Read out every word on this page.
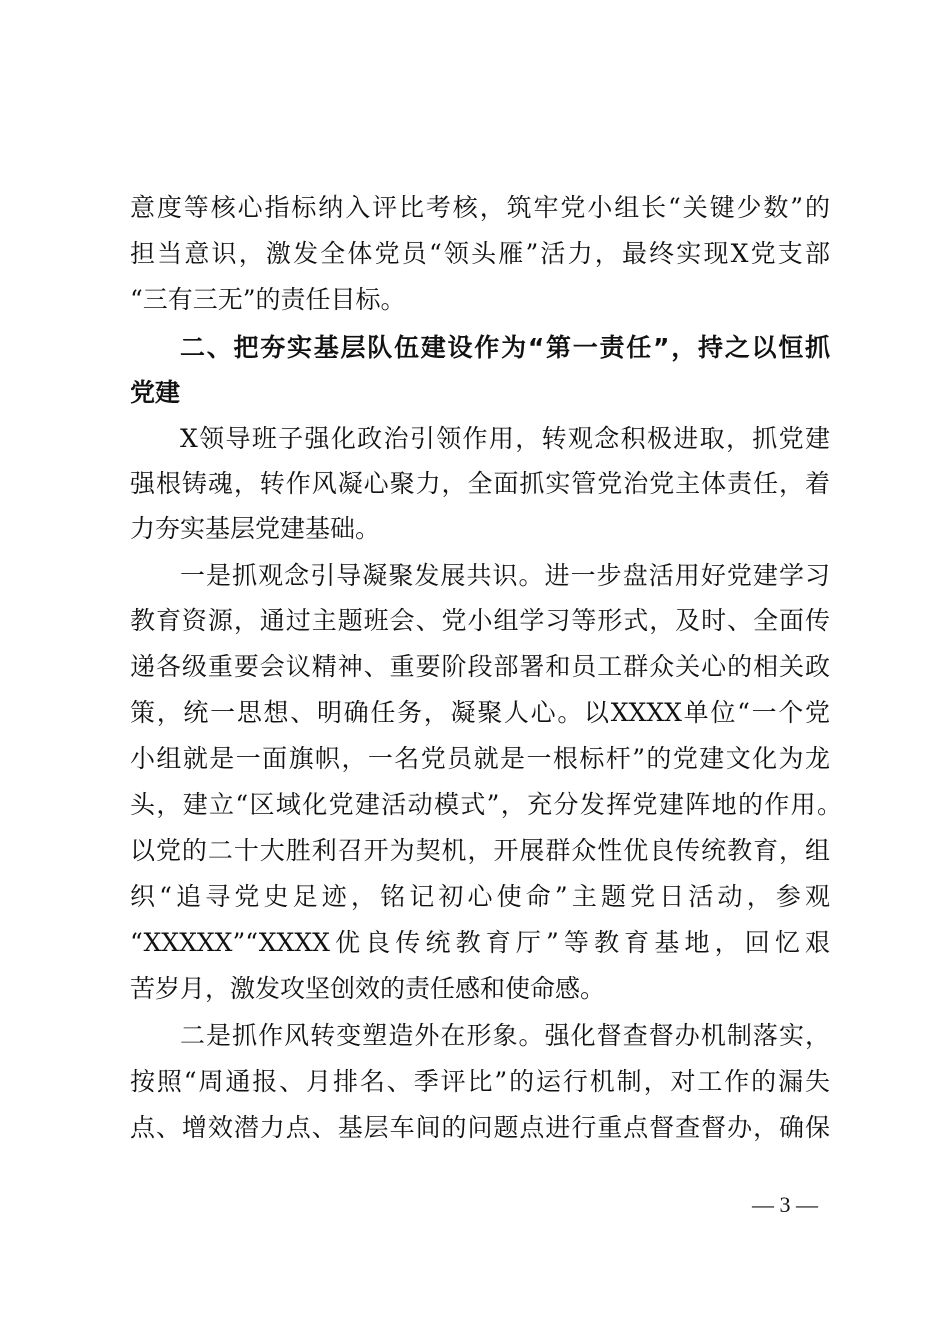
意度等核心指标纳入评比考核，筑牢党小组长“关键少数”的
担当意识，激发全体党员“领头雁”活力，最终实现X党支部
“三有三无”的责任目标。
二、把夯实基层队伍建设作为“第一责任”，持之以恒抓
党建
X领导班子强化政治引领作用，转观念积极进取，抓党建
强根铸魂，转作风凝心聚力，全面抓实管党治党主体责任，着
力夯实基层党建基础。
一是抓观念引导凝聚发展共识。进一步盘活用好党建学习
教育资源，通过主题班会、党小组学习等形式，及时、全面传
递各级重要会议精神、重要阶段部署和员工群众关心的相关政
策，统一思想、明确任务，凝聚人心。以XXXX单位“一个党
小组就是一面旗帜，一名党员就是一根标杆”的党建文化为龙
头，建立“区域化党建活动模式”，充分发挥党建阵地的作用。
以党的二十大胜利召开为契机，开展群众性优良传统教育，组
织“追寻党史足迹，铭记初心使命”主题党日活动，参观
“XXXXX”“XXXX优良传统教育厅”等教育基地，回忆艰
苦岁月，激发攻坚创效的责任感和使命感。
二是抓作风转变塑造外在形象。强化督查督办机制落实，
按照“周通报、月排名、季评比”的运行机制，对工作的漏失
点、增效潜力点、基层车间的问题点进行重点督查督办，确保
— 3 —
